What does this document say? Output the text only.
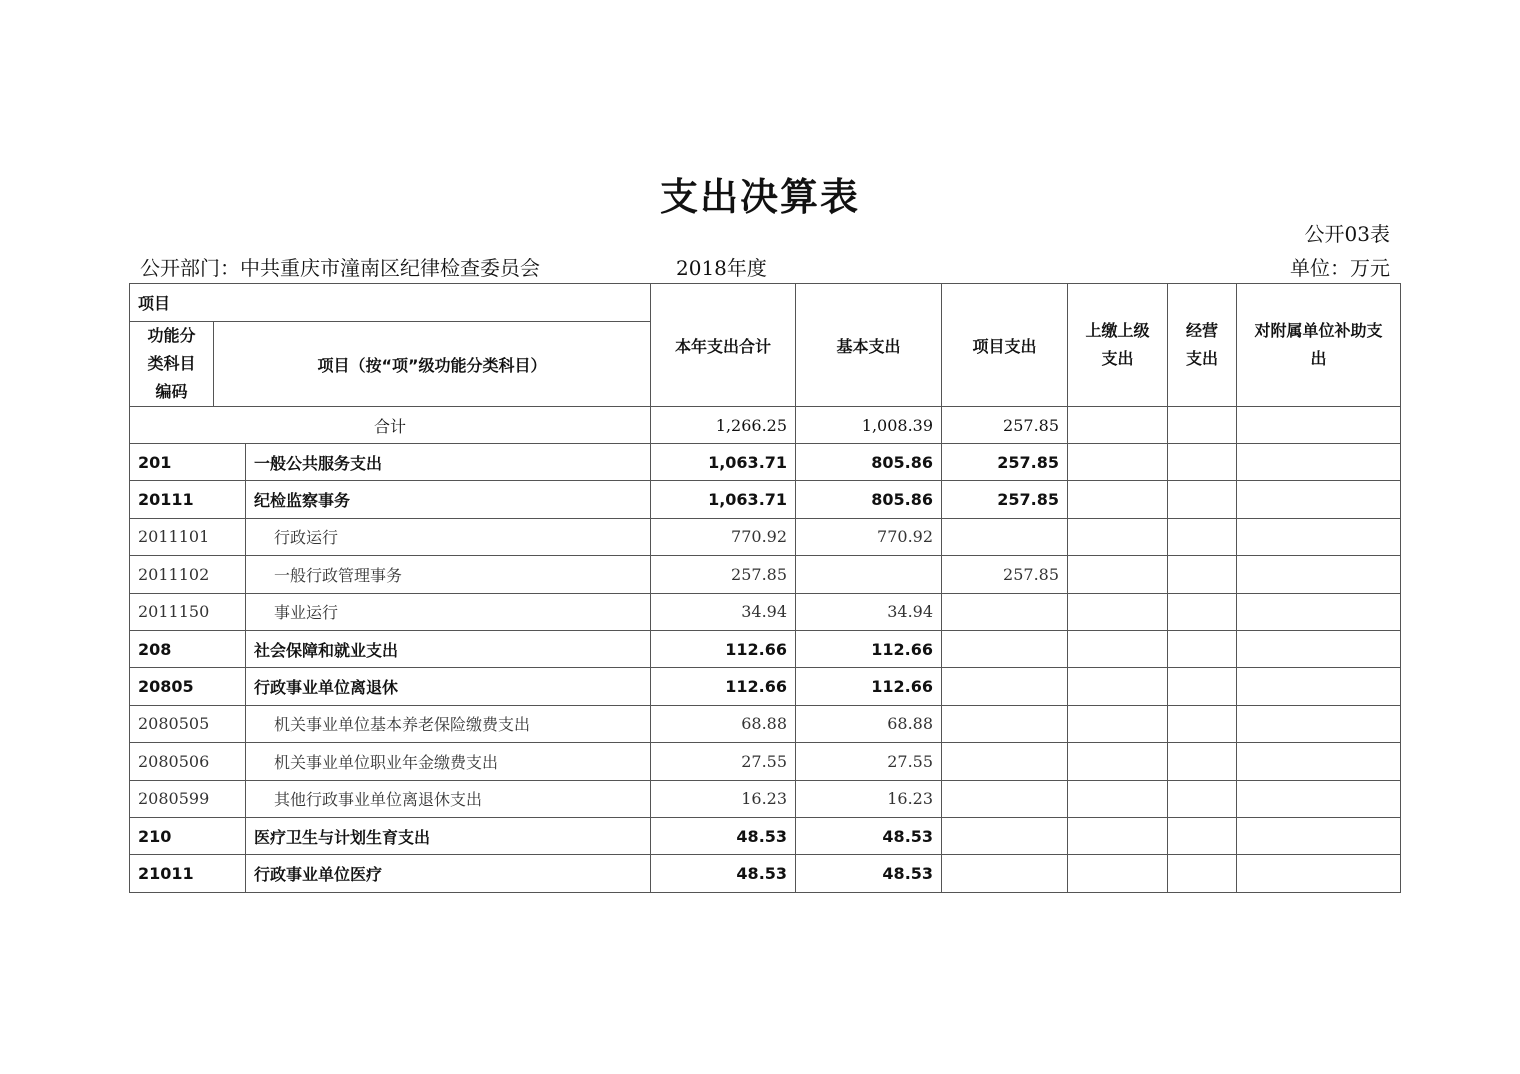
支出决算表
公开03表
公开部门：中共重庆市潼南区纪律检查委员会	2018年度	单位：万元
项目			本年支出合计	基本支出	项目支出	上缴上级支出	经营支出	对附属单位补助支出

功能分类科目编码	项目（按“项”级功能分类科目）							
合计			1,266.25	1,008.39	257.85			
201		一般公共服务支出	1,063.71	805.86	257.85			
20111		纪检监察事务	1,063.71	805.86	257.85			
2011101		行政运行	770.92	770.92				
2011102		一般行政管理事务	257.85		257.85			
2011150		事业运行	34.94	34.94				
208		社会保障和就业支出	112.66	112.66				
20805		行政事业单位离退休	112.66	112.66				
2080505		机关事业单位基本养老保险缴费支出	68.88	68.88				
2080506		机关事业单位职业年金缴费支出	27.55	27.55				
2080599		其他行政事业单位离退休支出	16.23	16.23				
210		医疗卫生与计划生育支出	48.53	48.53				
21011		行政事业单位医疗	48.53	48.53				
